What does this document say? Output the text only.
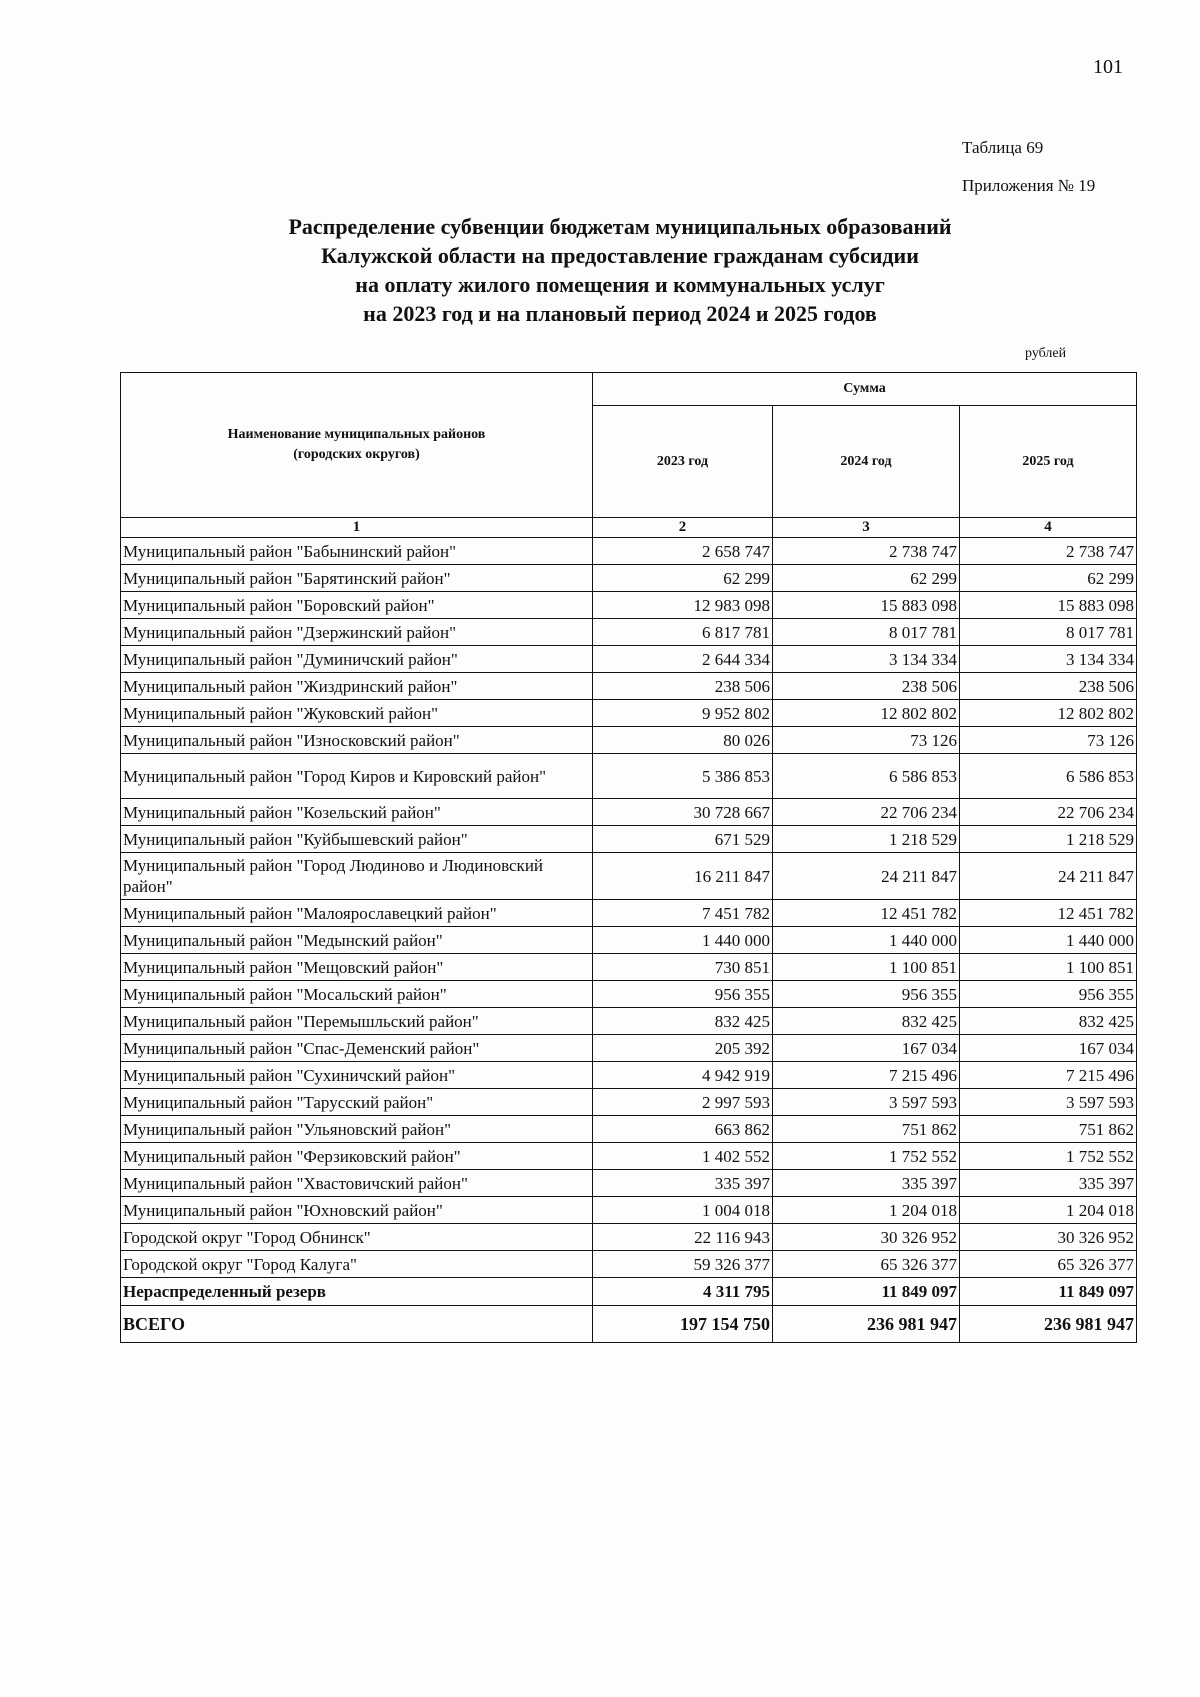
101
Таблица 69
Приложения № 19
Распределение субвенции бюджетам муниципальных образований
Калужской области на предоставление гражданам субсидии
на оплату жилого помещения и коммунальных услуг
на 2023 год и на плановый период 2024 и 2025 годов
рублей
Наименование муниципальных районов
(городских округов)	Сумма		
	2023 год	2024 год	2025 год
1	2	3	4
Муниципальный район "Бабынинский район"	2 658 747	2 738 747	2 738 747
Муниципальный район "Барятинский район"	62 299	62 299	62 299
Муниципальный район "Боровский район"	12 983 098	15 883 098	15 883 098
Муниципальный район "Дзержинский район"	6 817 781	8 017 781	8 017 781
Муниципальный район "Думиничский район"	2 644 334	3 134 334	3 134 334
Муниципальный район "Жиздринский район"	238 506	238 506	238 506
Муниципальный район "Жуковский район"	9 952 802	12 802 802	12 802 802
Муниципальный район "Износковский район"	80 026	73 126	73 126
Муниципальный район "Город Киров и Кировский район"	5 386 853	6 586 853	6 586 853
Муниципальный район "Козельский район"	30 728 667	22 706 234	22 706 234
Муниципальный район "Куйбышевский район"	671 529	1 218 529	1 218 529
Муниципальный район "Город Людиново и Людиновский район"	16 211 847	24 211 847	24 211 847
Муниципальный район "Малоярославецкий район"	7 451 782	12 451 782	12 451 782
Муниципальный район "Медынский район"	1 440 000	1 440 000	1 440 000
Муниципальный район "Мещовский район"	730 851	1 100 851	1 100 851
Муниципальный район "Мосальский район"	956 355	956 355	956 355
Муниципальный район "Перемышльский район"	832 425	832 425	832 425
Муниципальный район "Спас-Деменский район"	205 392	167 034	167 034
Муниципальный район "Сухиничский район"	4 942 919	7 215 496	7 215 496
Муниципальный район "Тарусский район"	2 997 593	3 597 593	3 597 593
Муниципальный район "Ульяновский район"	663 862	751 862	751 862
Муниципальный район "Ферзиковский район"	1 402 552	1 752 552	1 752 552
Муниципальный район "Хвастовичский район"	335 397	335 397	335 397
Муниципальный район "Юхновский район"	1 004 018	1 204 018	1 204 018
Городской округ "Город Обнинск"	22 116 943	30 326 952	30 326 952
Городской округ "Город Калуга"	59 326 377	65 326 377	65 326 377
Нераспределенный резерв	4 311 795	11 849 097	11 849 097
ВСЕГО	197 154 750	236 981 947	236 981 947
